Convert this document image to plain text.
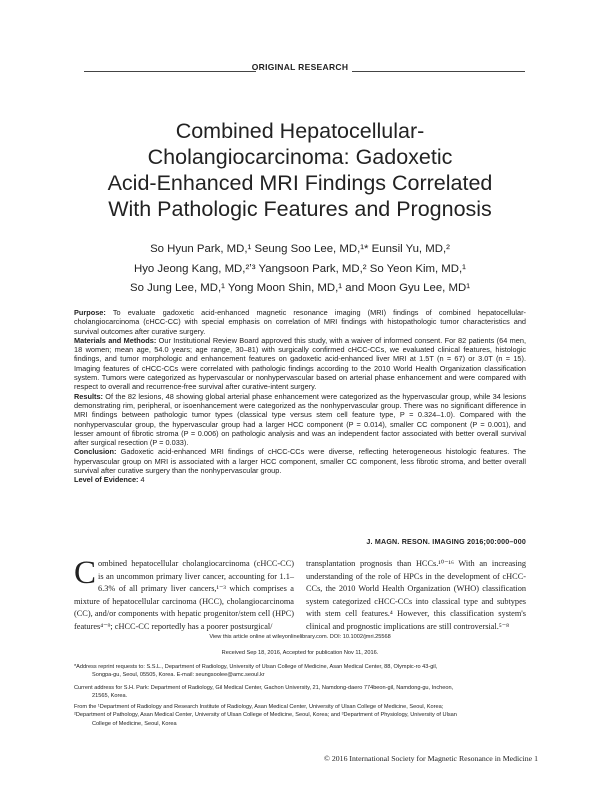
ORIGINAL RESEARCH
Combined Hepatocellular-
Cholangiocarcinoma: Gadoxetic
Acid-Enhanced MRI Findings Correlated
With Pathologic Features and Prognosis
So Hyun Park, MD,¹ Seung Soo Lee, MD,¹* Eunsil Yu, MD,²
Hyo Jeong Kang, MD,²ʼ³ Yangsoon Park, MD,² So Yeon Kim, MD,¹
So Jung Lee, MD,¹ Yong Moon Shin, MD,¹ and Moon Gyu Lee, MD¹

Purpose: To evaluate gadoxetic acid-enhanced magnetic resonance imaging (MRI) findings of combined hepatocellular-cholangiocarcinoma (cHCC-CC) with special emphasis on correlation of MRI findings with histopathologic tumor characteristics and survival outcomes after curative surgery.

Materials and Methods: Our Institutional Review Board approved this study, with a waiver of informed consent. For 82 patients (64 men, 18 women; mean age, 54.0 years; age range, 30–81) with surgically confirmed cHCC-CCs, we evaluated clinical features, histologic findings, and tumor morphologic and enhancement features on gadoxetic acid-enhanced liver MRI at 1.5T (n = 67) or 3.0T (n = 15). Imaging features of cHCC-CCs were correlated with pathologic findings according to the 2010 World Health Organization classification system. Tumors were categorized as hypervascular or nonhypervascular based on arterial phase enhancement and were compared with respect to overall and recurrence-free survival after curative-intent surgery.

Results: Of the 82 lesions, 48 showing global arterial phase enhancement were categorized as the hypervascular group, while 34 lesions demonstrating rim, peripheral, or isoenhancement were categorized as the nonhypervascular group. There was no significant difference in MRI findings between pathologic tumor types (classical type versus stem cell feature type, P = 0.324–1.0). Compared with the nonhypervascular group, the hypervascular group had a larger HCC component (P = 0.014), smaller CC component (P = 0.001), and lesser amount of fibrotic stroma (P = 0.006) on pathologic analysis and was an independent factor associated with better overall survival after surgical resection (P = 0.033).

Conclusion: Gadoxetic acid-enhanced MRI findings of cHCC-CCs were diverse, reflecting heterogeneous histologic features. The hypervascular group on MRI is associated with a larger HCC component, smaller CC component, less fibrotic stroma, and better overall survival after curative surgery than the nonhypervascular group.

Level of Evidence: 4

J. MAGN. RESON. IMAGING 2016;00:000–000
Combined hepatocellular cholangiocarcinoma (cHCC-CC) is an uncommon primary liver cancer, accounting for 1.1–6.3% of all primary liver cancers,¹⁻³ which comprises a mixture of hepatocellular carcinoma (HCC), cholangiocarcinoma (CC), and/or components with hepatic progenitor/stem cell (HPC) features⁴⁻⁹; cHCC-CC reportedly has a poorer postsurgical/
transplantation prognosis than HCCs.¹⁰⁻¹⁶ With an increasing understanding of the role of HPCs in the development of cHCC-CCs, the 2010 World Health Organization (WHO) classification system categorized cHCC-CCs into classical type and subtypes with stem cell features.⁴ However, this classification system's clinical and prognostic implications are still controversial.⁵⁻⁸
View this article online at wileyonlinelibrary.com. DOI: 10.1002/jmri.25568
Received Sep 18, 2016, Accepted for publication Nov 11, 2016.
*Address reprint requests to: S.S.L., Department of Radiology, University of Ulsan College of Medicine, Asan Medical Center, 88, Olympic-ro 43-gil,
Songpa-gu, Seoul, 05505, Korea. E-mail: seungsoolee@amc.seoul.kr
Current address for S.H. Park: Department of Radiology, Gil Medical Center, Gachon University, 21, Namdong-daero 774beon-gil, Namdong-gu, Incheon,
21565, Korea.
From the ¹Department of Radiology and Research Institute of Radiology, Asan Medical Center, University of Ulsan College of Medicine, Seoul, Korea;
²Department of Pathology, Asan Medical Center, University of Ulsan College of Medicine, Seoul, Korea; and ³Department of Physiology, University of Ulsan
College of Medicine, Seoul, Korea
© 2016 International Society for Magnetic Resonance in Medicine 1
